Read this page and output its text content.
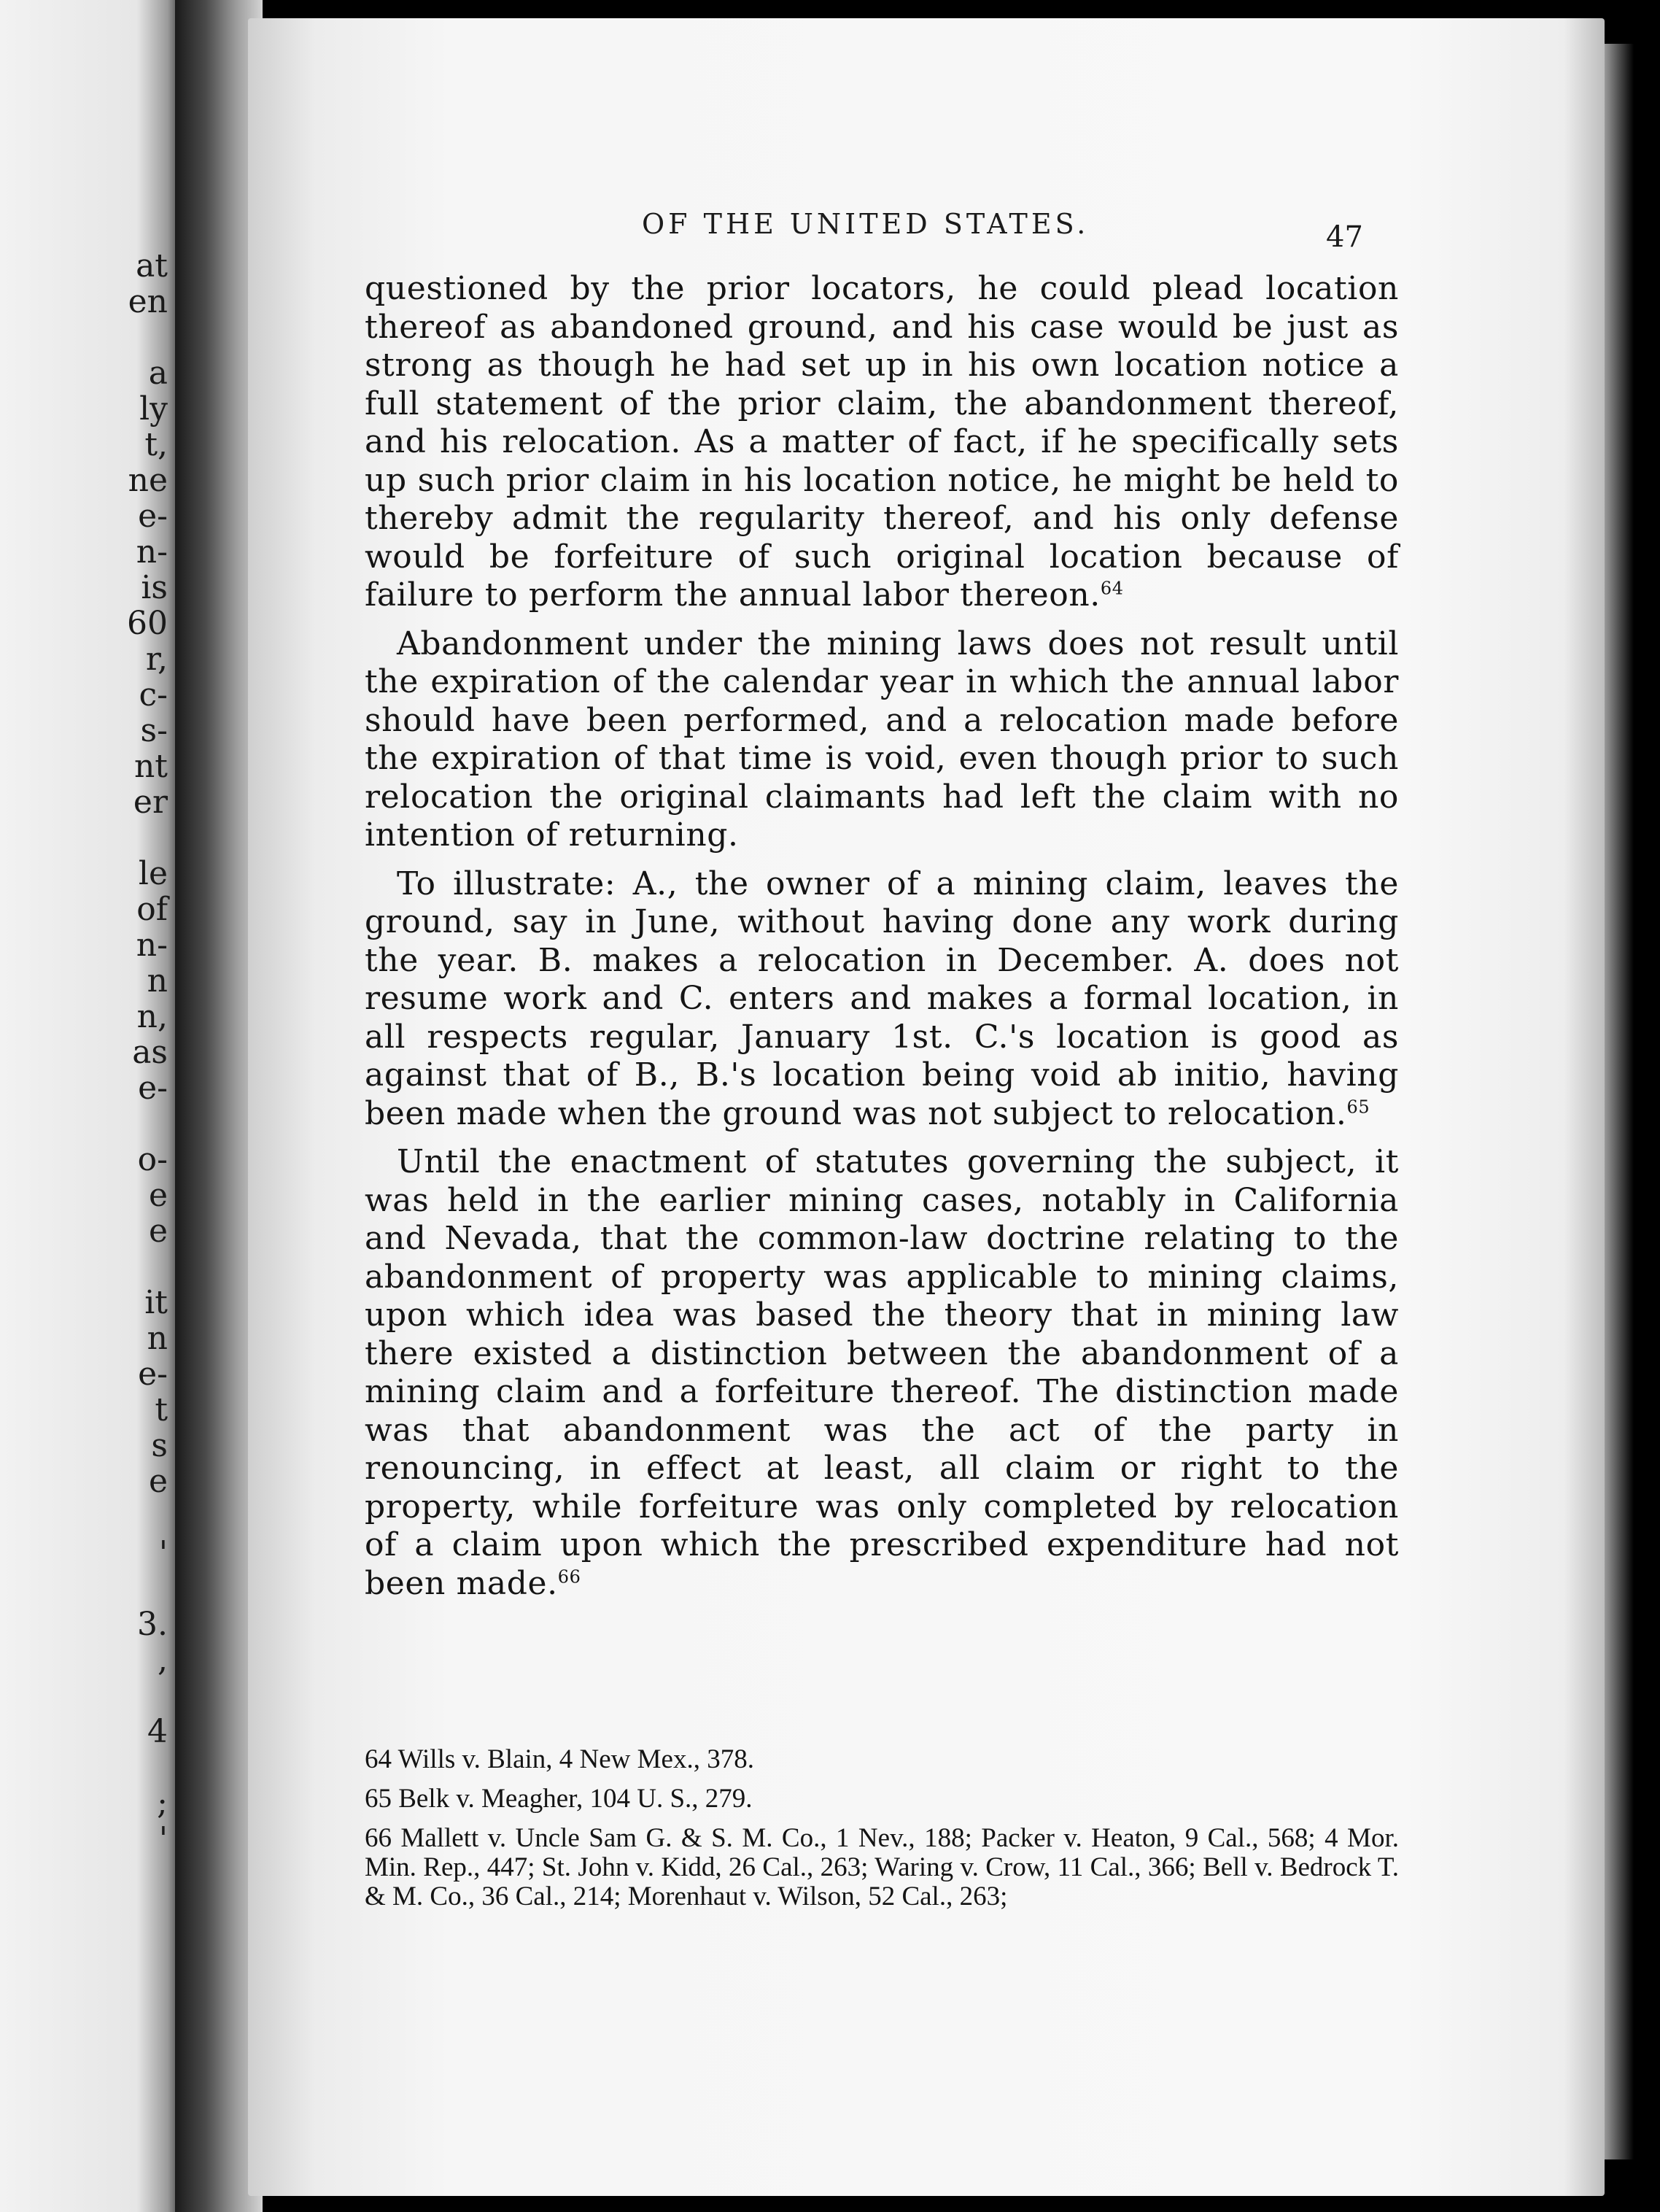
at
en
a
ly
t,
ne
e-
n-
is
60
r,
c-
s-
nt
er
le
of
n-
n
n,
as
e-
o-
e
e
it
n
e-
t
s
e
'
3.
,
4
;
'
OF THE UNITED STATES.	47

questioned by the prior locators, he could plead location thereof as abandoned ground, and his case would be just as strong as though he had set up in his own location notice a full statement of the prior claim, the abandonment thereof, and his relocation. As a matter of fact, if he specifically sets up such prior claim in his location notice, he might be held to thereby admit the regularity thereof, and his only defense would be forfeiture of such original location because of failure to perform the annual labor thereon.$^{64}$

Abandonment under the mining laws does not result until the expiration of the calendar year in which the annual labor should have been performed, and a relocation made before the expiration of that time is void, even though prior to such relocation the original claimants had left the claim with no intention of returning.

To illustrate: A., the owner of a mining claim, leaves the ground, say in June, without having done any work during the year. B. makes a relocation in December. A. does not resume work and C. enters and makes a formal location, in all respects regular, January 1st. C.'s location is good as against that of B., B.'s location being void ab initio, having been made when the ground was not subject to relocation.$^{65}$

Until the enactment of statutes governing the subject, it was held in the earlier mining cases, notably in California and Nevada, that the common-law doctrine relating to the abandonment of property was applicable to mining claims, upon which idea was based the theory that in mining law there existed a distinction between the abandonment of a mining claim and a forfeiture thereof. The distinction made was that abandonment was the act of the party in renouncing, in effect at least, all claim or right to the property, while forfeiture was only completed by relocation of a claim upon which the prescribed expenditure had not been made.$^{66}$

64 Wills v. Blain, 4 New Mex., 378.
65 Belk v. Meagher, 104 U. S., 279.
66 Mallett v. Uncle Sam G. & S. M. Co., 1 Nev., 188; Packer v. Heaton, 9 Cal., 568; 4 Mor. Min. Rep., 447; St. John v. Kidd, 26 Cal., 263; Waring v. Crow, 11 Cal., 366; Bell v. Bedrock T. & M. Co., 36 Cal., 214; Morenhaut v. Wilson, 52 Cal., 263;
